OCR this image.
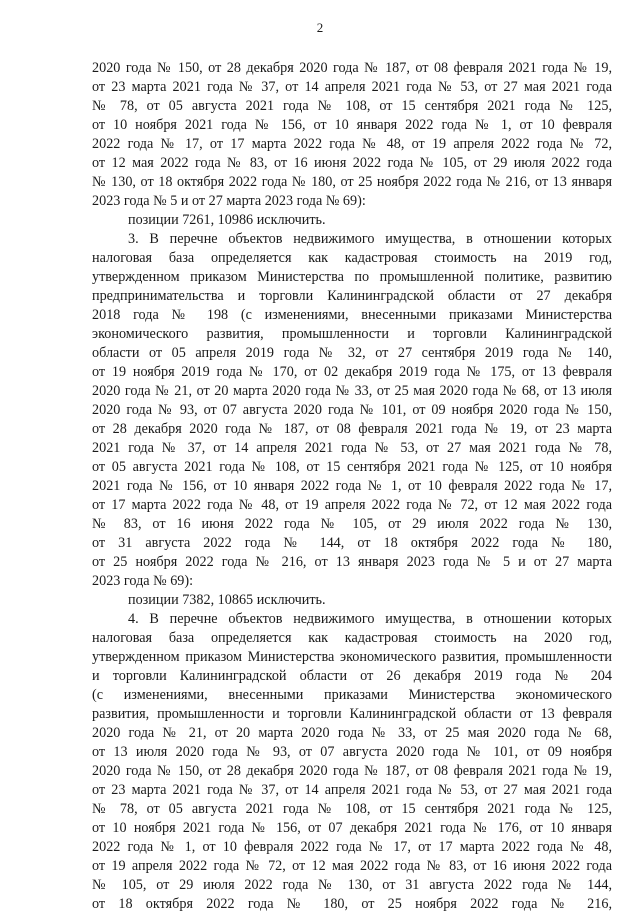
2
2020 года № 150, от 28 декабря 2020 года № 187, от 08 февраля 2021 года № 19,
от 23 марта 2021 года № 37, от 14 апреля 2021 года № 53, от 27 мая 2021 года
№ 78, от 05 августа 2021 года № 108, от 15 сентября 2021 года № 125,
от 10 ноября 2021 года № 156, от 10 января 2022 года № 1, от 10 февраля
2022 года № 17, от 17 марта 2022 года № 48, от 19 апреля 2022 года № 72,
от 12 мая 2022 года № 83, от 16 июня 2022 года № 105, от 29 июля 2022 года
№ 130, от 18 октября 2022 года № 180, от 25 ноября 2022 года № 216, от 13 января
2023 года № 5 и от 27 марта 2023 года № 69):
позиции 7261, 10986 исключить.
3. В перечне объектов недвижимого имущества, в отношении которых
налоговая база определяется как кадастровая стоимость на 2019 год,
утвержденном приказом Министерства по промышленной политике, развитию
предпринимательства и торговли Калининградской области от 27 декабря
2018 года № 198 (с изменениями, внесенными приказами Министерства
экономического развития, промышленности и торговли Калининградской
области от 05 апреля 2019 года № 32, от 27 сентября 2019 года № 140,
от 19 ноября 2019 года № 170, от 02 декабря 2019 года № 175, от 13 февраля
2020 года № 21, от 20 марта 2020 года № 33, от 25 мая 2020 года № 68, от 13 июля
2020 года № 93, от 07 августа 2020 года № 101, от 09 ноября 2020 года № 150,
от 28 декабря 2020 года № 187, от 08 февраля 2021 года № 19, от 23 марта
2021 года № 37, от 14 апреля 2021 года № 53, от 27 мая 2021 года № 78,
от 05 августа 2021 года № 108, от 15 сентября 2021 года № 125, от 10 ноября
2021 года № 156, от 10 января 2022 года № 1, от 10 февраля 2022 года № 17,
от 17 марта 2022 года № 48, от 19 апреля 2022 года № 72, от 12 мая 2022 года
№ 83, от 16 июня 2022 года № 105, от 29 июля 2022 года № 130,
от 31 августа 2022 года № 144, от 18 октября 2022 года № 180,
от 25 ноября 2022 года № 216, от 13 января 2023 года № 5 и от 27 марта
2023 года № 69):
позиции 7382, 10865 исключить.
4. В перечне объектов недвижимого имущества, в отношении которых
налоговая база определяется как кадастровая стоимость на 2020 год,
утвержденном приказом Министерства экономического развития, промышленности
и торговли Калининградской области от 26 декабря 2019 года № 204
(с изменениями, внесенными приказами Министерства экономического
развития, промышленности и торговли Калининградской области от 13 февраля
2020 года № 21, от 20 марта 2020 года № 33, от 25 мая 2020 года № 68,
от 13 июля 2020 года № 93, от 07 августа 2020 года № 101, от 09 ноября
2020 года № 150, от 28 декабря 2020 года № 187, от 08 февраля 2021 года № 19,
от 23 марта 2021 года № 37, от 14 апреля 2021 года № 53, от 27 мая 2021 года
№ 78, от 05 августа 2021 года № 108, от 15 сентября 2021 года № 125,
от 10 ноября 2021 года № 156, от 07 декабря 2021 года № 176, от 10 января
2022 года № 1, от 10 февраля 2022 года № 17, от 17 марта 2022 года № 48,
от 19 апреля 2022 года № 72, от 12 мая 2022 года № 83, от 16 июня 2022 года
№ 105, от 29 июля 2022 года № 130, от 31 августа 2022 года № 144,
от 18 октября 2022 года № 180, от 25 ноября 2022 года № 216,
